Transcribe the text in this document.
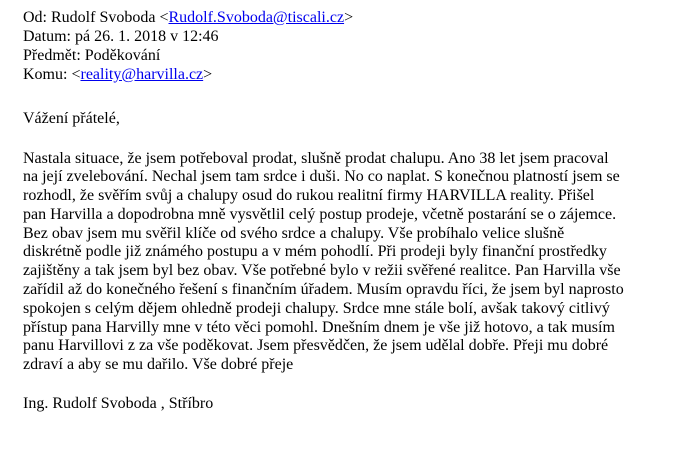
Od: Rudolf Svoboda <Rudolf.Svoboda@tiscali.cz>
Datum: pá 26. 1. 2018 v 12:46
Předmět: Poděkování
Komu: <reality@harvilla.cz>
Vážení přátelé,
Nastala situace, že jsem potřeboval prodat, slušně prodat chalupu. Ano 38 let jsem pracoval
na její zvelebování. Nechal jsem tam srdce i duši. No co naplat. S konečnou platností jsem se
rozhodl, že svěřím svůj a chalupy osud do rukou realitní firmy HARVILLA reality. Přišel
pan Harvilla a dopodrobna mně vysvětlil celý postup prodeje, včetně postarání se o zájemce.
Bez obav jsem mu svěřil klíče od svého srdce a chalupy. Vše probíhalo velice slušně
diskrétně podle již známého postupu a v mém pohodlí. Při prodeji byly finanční prostředky
zajištěny a tak jsem byl bez obav. Vše potřebné bylo v režii svěřené realitce. Pan Harvilla vše
zařídil až do konečného řešení s finančním úřadem. Musím opravdu říci, že jsem byl naprosto
spokojen s celým dějem ohledně prodeji chalupy. Srdce mne stále bolí, avšak takový citlivý
přístup pana Harvilly mne v této věci pomohl. Dnešním dnem je vše již hotovo, a tak musím
panu Harvillovi z za vše poděkovat. Jsem přesvědčen, že jsem udělal dobře. Přeji mu dobré
zdraví a aby se mu dařilo. Vše dobré přeje
Ing. Rudolf Svoboda , Stříbro
